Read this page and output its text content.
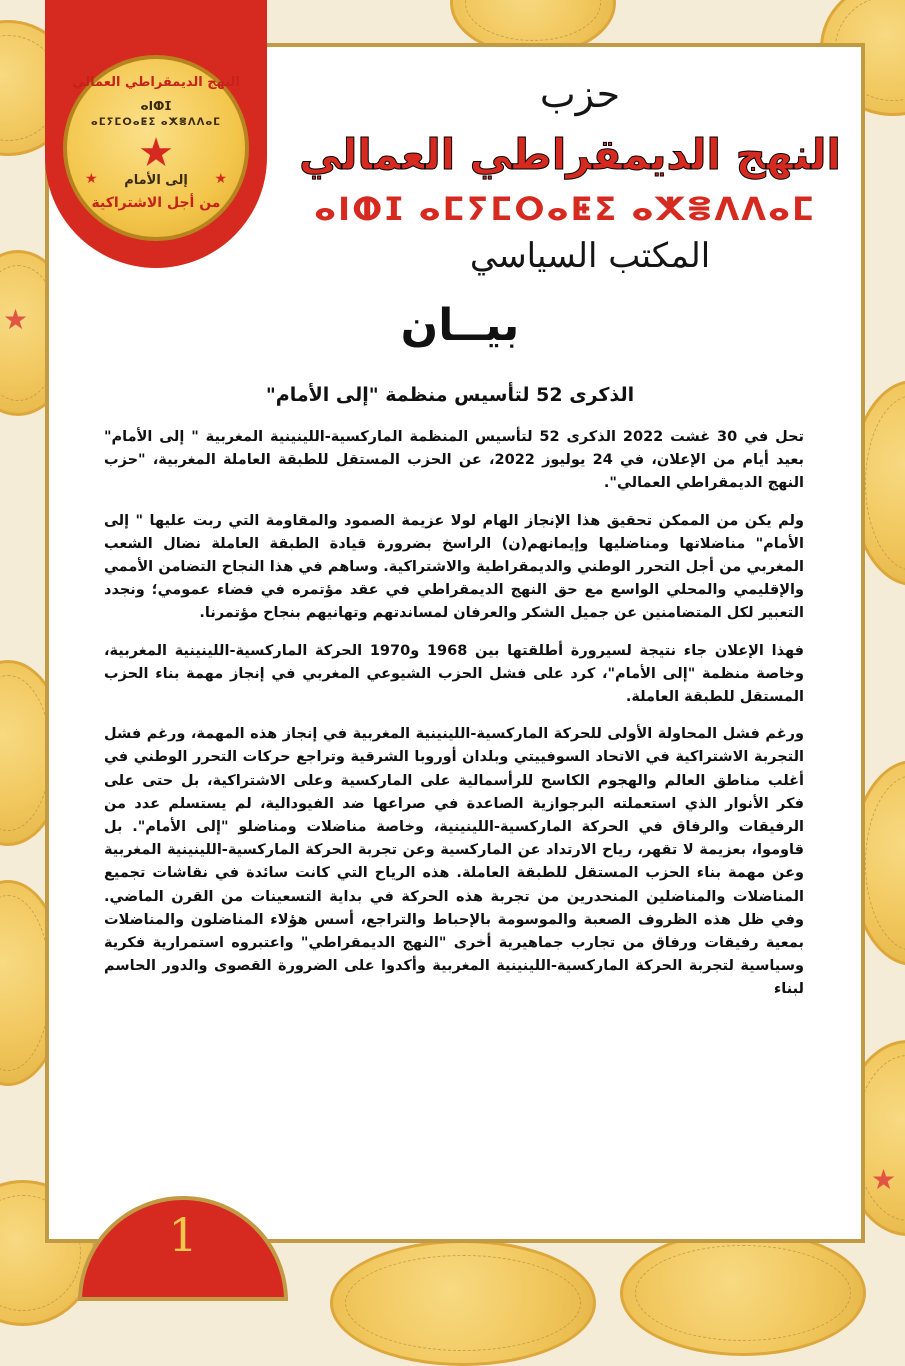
★
★
النهج الديمقراطي العمالي
ⴰⵏⵀⵊ
ⴰⵎⵢⵎⵔⴰⵟⵉ ⴰⵅⴻⴷⴷⴰⵎ
★
★	★
إلى الأمام
من أجل الاشتراكية
حزب
النهج الديمقراطي العمالي
ⴰⵏⵀⵊ ⴰⵎⵢⵎⵔⴰⵟⵉ ⴰⵅⴻⴷⴷⴰⵎ
المكتب السياسي
بيــان
الذكرى 52 لتأسيس منظمة "إلى الأمام"

تحل في 30 غشت 2022 الذكرى 52 لتأسيس المنظمة الماركسية-اللينينية المغربية " إلى الأمام" بعيد أيام من الإعلان، في 24 يوليوز 2022، عن الحزب المستقل للطبقة العاملة المغربية، "حزب النهج الديمقراطي العمالي".

ولم يكن من الممكن تحقيق هذا الإنجاز الهام لولا عزيمة الصمود والمقاومة التي ربت عليها " إلى الأمام" مناضلاتها ومناضليها وإيمانهم(ن) الراسخ بضرورة قيادة الطبقة العاملة نضال الشعب المغربي من أجل التحرر الوطني والديمقراطية والاشتراكية. وساهم في هذا النجاح التضامن الأممي والإقليمي والمحلي الواسع مع حق النهج الديمقراطي في عقد مؤتمره في فضاء عمومي؛ ونجدد التعبير لكل المتضامنين عن جميل الشكر والعرفان لمساندتهم وتهانيهم بنجاح مؤتمرنا.

فهذا الإعلان جاء نتيجة لسيرورة أطلقتها بين 1968 و1970 الحركة الماركسية-اللينينية المغربية، وخاصة منظمة "إلى الأمام"، كرد على فشل الحزب الشيوعي المغربي في إنجاز مهمة بناء الحزب المستقل للطبقة العاملة.

ورغم فشل المحاولة الأولى للحركة الماركسية-اللينينية المغربية في إنجاز هذه المهمة، ورغم فشل التجربة الاشتراكية في الاتحاد السوفييتي وبلدان أوروبا الشرقية وتراجع حركات التحرر الوطني في أغلب مناطق العالم والهجوم الكاسح للرأسمالية على الماركسية وعلى الاشتراكية، بل حتى على فكر الأنوار الذي استعملته البرجوازية الصاعدة في صراعها ضد الفيودالية، لم يستسلم عدد من الرفيقات والرفاق في الحركة الماركسية-اللينينية، وخاصة مناضلات ومناضلو "إلى الأمام". بل قاوموا، بعزيمة لا تقهر، رياح الارتداد عن الماركسية وعن تجربة الحركة الماركسية-اللينينية المغربية وعن مهمة بناء الحزب المستقل للطبقة العاملة. هذه الرياح التي كانت سائدة في نقاشات تجميع المناضلات والمناضلين المنحدرين من تجربة هذه الحركة في بداية التسعينات من القرن الماضي. وفي ظل هذه الظروف الصعبة والموسومة بالإحباط والتراجع، أسس هؤلاء المناضلون والمناضلات بمعية رفيقات ورفاق من تجارب جماهيرية أخرى "النهج الديمقراطي" واعتبروه استمرارية فكرية وسياسية لتجربة الحركة الماركسية-اللينينية المغربية وأكدوا على الضرورة القصوى والدور الحاسم لبناء

1
